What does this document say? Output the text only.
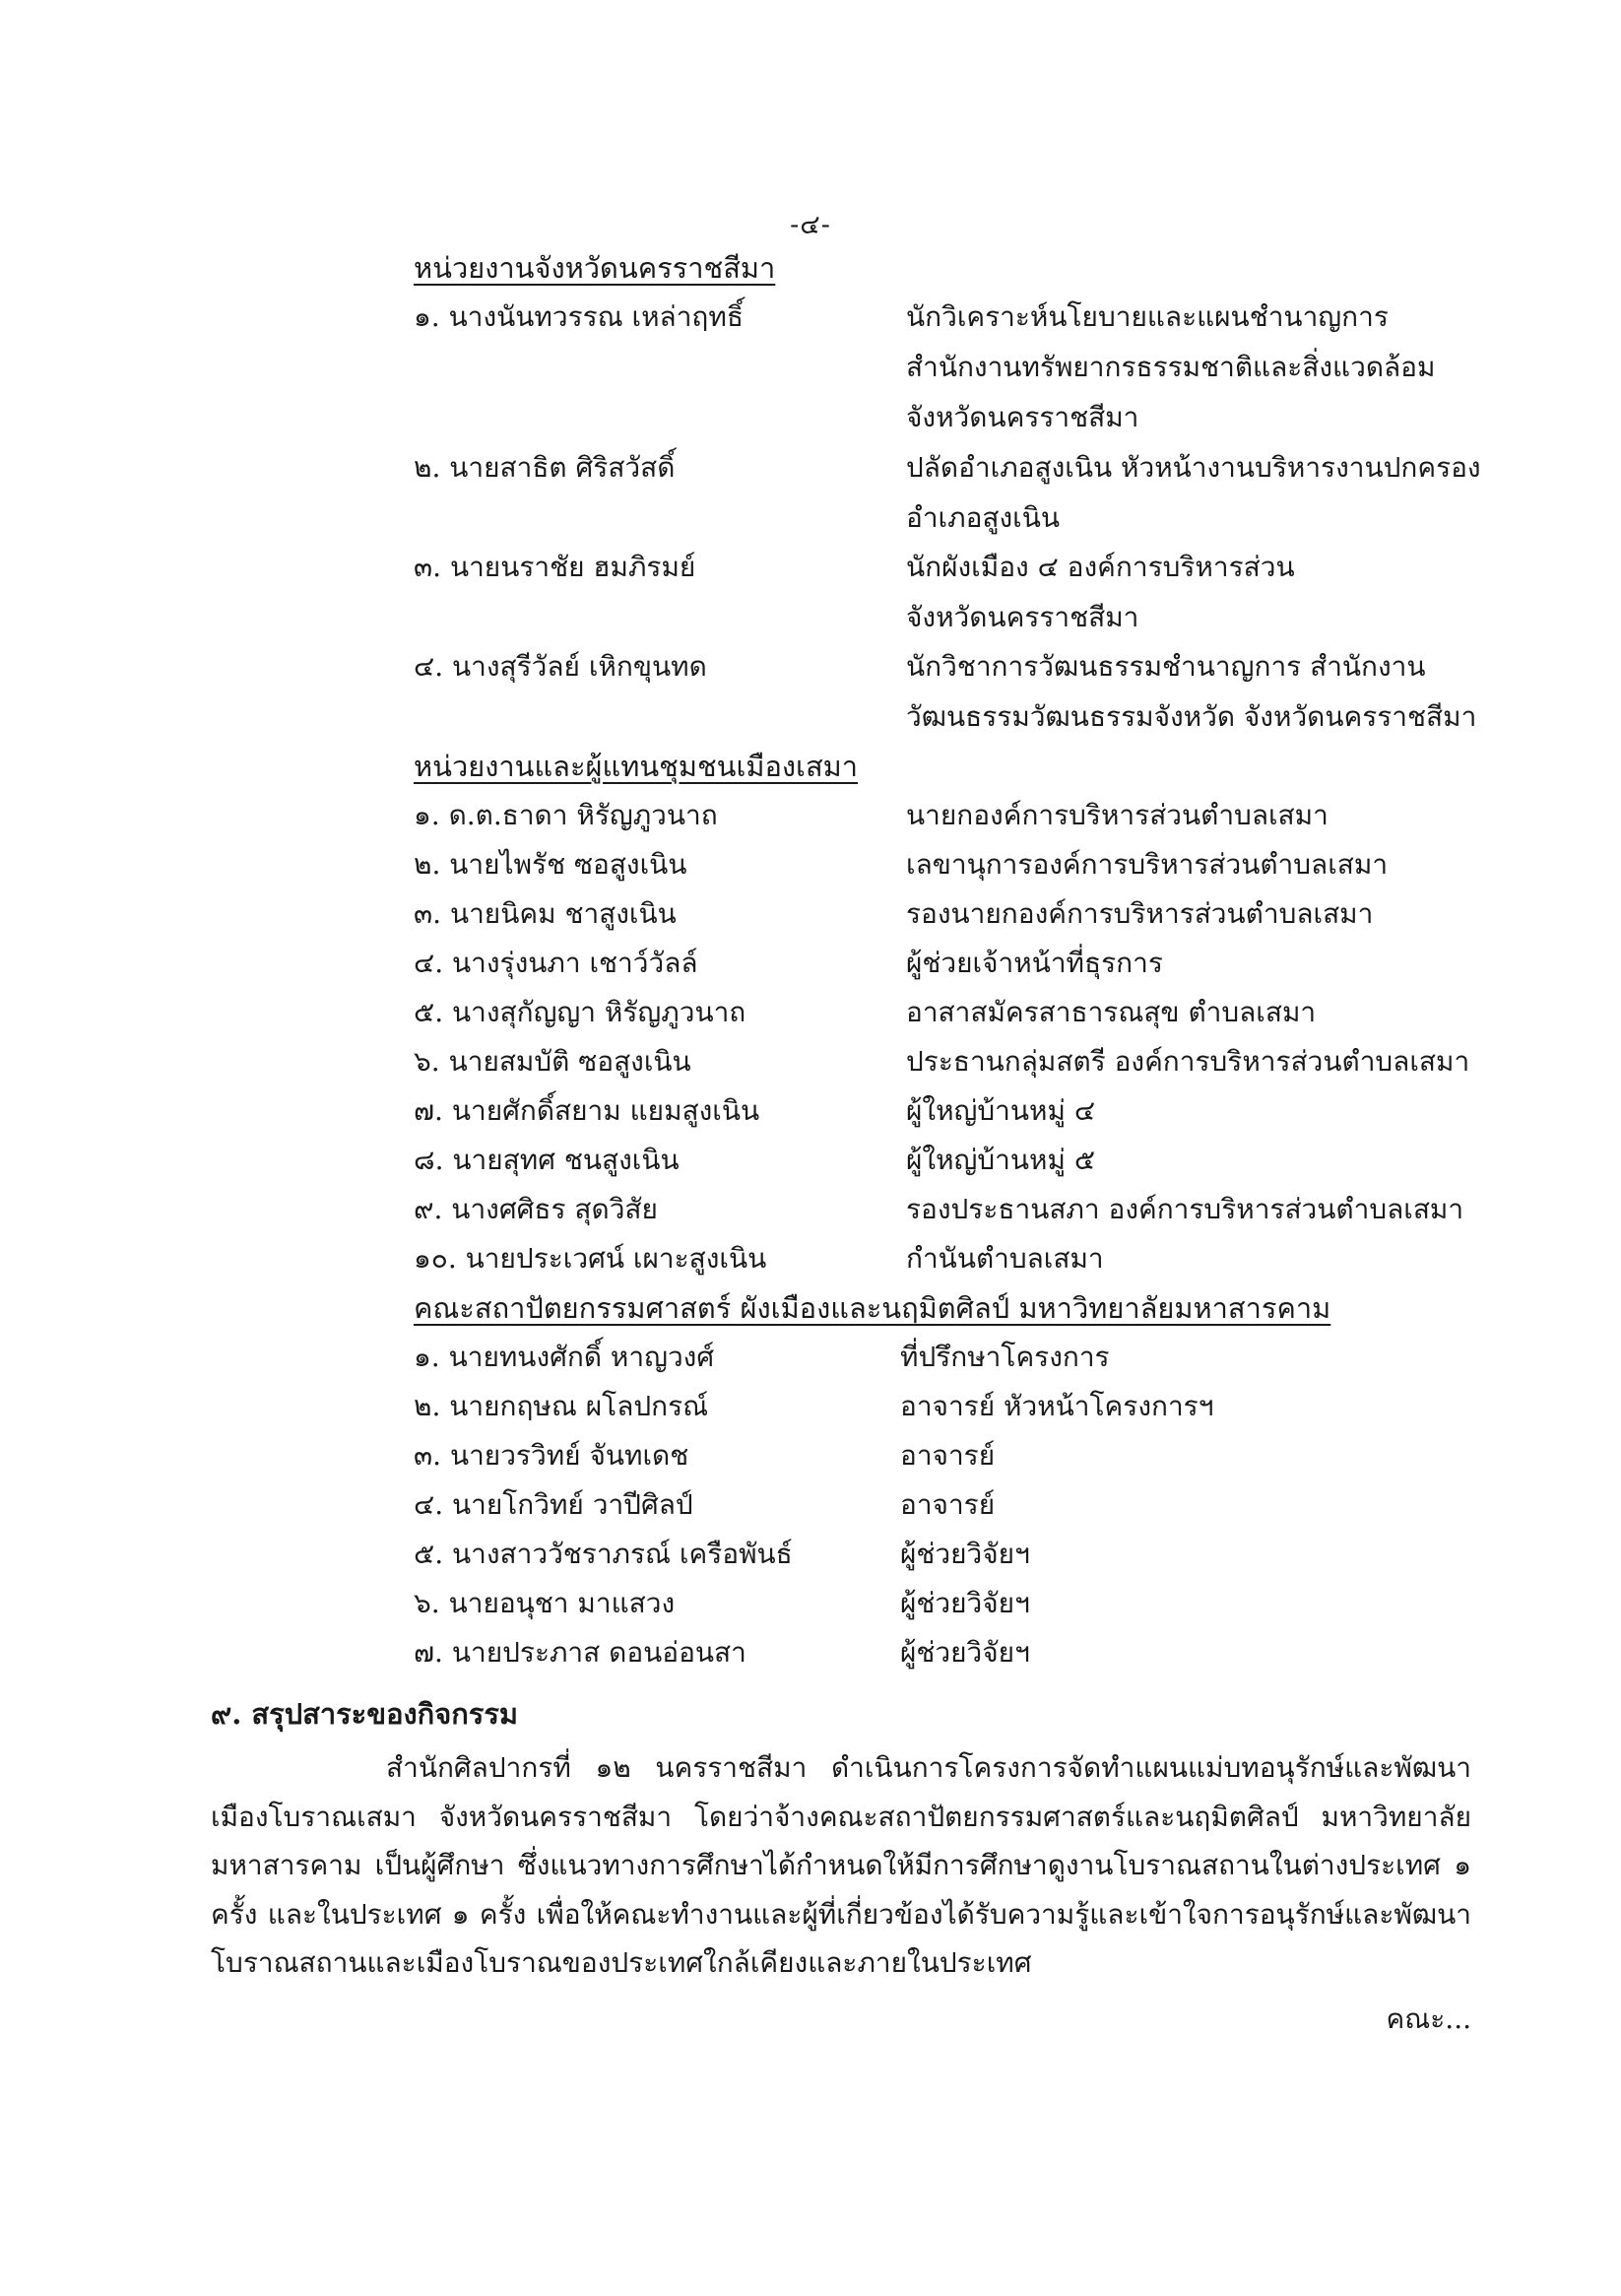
-๔-
หน่วยงานจังหวัดนครราชสีมา
๑. นางนันทวรรณ เหล่าฤทธิ์	นักวิเคราะห์นโยบายและแผนชำนาญการ
สำนักงานทรัพยากรธรรมชาติและสิ่งแวดล้อม
จังหวัดนครราชสีมา
๒. นายสาธิต ศิริสวัสดิ์	ปลัดอำเภอสูงเนิน หัวหน้างานบริหารงานปกครอง
อำเภอสูงเนิน
๓. นายนราชัย ฮมภิรมย์	นักผังเมือง ๔ องค์การบริหารส่วน
จังหวัดนครราชสีมา
๔. นางสุรีวัลย์ เหิกขุนทด	นักวิชาการวัฒนธรรมชำนาญการ สำนักงาน
วัฒนธรรมวัฒนธรรมจังหวัด จังหวัดนครราชสีมา
หน่วยงานและผู้แทนชุมชนเมืองเสมา
๑. ด.ต.ธาดา หิรัญภูวนาถ	นายกองค์การบริหารส่วนตำบลเสมา
๒. นายไพรัช ซอสูงเนิน	เลขานุการองค์การบริหารส่วนตำบลเสมา
๓. นายนิคม ชาสูงเนิน	รองนายกองค์การบริหารส่วนตำบลเสมา
๔. นางรุ่งนภา เชาว์วัลล์	ผู้ช่วยเจ้าหน้าที่ธุรการ
๕. นางสุกัญญา หิรัญภูวนาถ	อาสาสมัครสาธารณสุข ตำบลเสมา
๖. นายสมบัติ ซอสูงเนิน	ประธานกลุ่มสตรี องค์การบริหารส่วนตำบลเสมา
๗. นายศักดิ์สยาม แยมสูงเนิน	ผู้ใหญ่บ้านหมู่ ๔
๘. นายสุทศ ชนสูงเนิน	ผู้ใหญ่บ้านหมู่ ๕
๙. นางศศิธร สุดวิสัย	รองประธานสภา องค์การบริหารส่วนตำบลเสมา
๑๐. นายประเวศน์ เผาะสูงเนิน	กำนันตำบลเสมา
คณะสถาปัตยกรรมศาสตร์ ผังเมืองและนฤมิตศิลป์ มหาวิทยาลัยมหาสารคาม
๑. นายทนงศักดิ์ หาญวงศ์	ที่ปรึกษาโครงการ
๒. นายกฤษณ ผโลปกรณ์	อาจารย์ หัวหน้าโครงการฯ
๓. นายวรวิทย์ จันทเดช	อาจารย์
๔. นายโกวิทย์ วาปีศิลป์	อาจารย์
๕. นางสาววัชราภรณ์ เครือพันธ์	ผู้ช่วยวิจัยฯ
๖. นายอนุชา มาแสวง	ผู้ช่วยวิจัยฯ
๗. นายประภาส ดอนอ่อนสา	ผู้ช่วยวิจัยฯ
๙. สรุปสาระของกิจกรรม
สำนักศิลปากรที่ ๑๒ นครราชสีมา ดำเนินการโครงการจัดทำแผนแม่บทอนุรักษ์และพัฒนาเมืองโบราณเสมา จังหวัดนครราชสีมา โดยว่าจ้างคณะสถาปัตยกรรมศาสตร์และนฤมิตศิลป์ มหาวิทยาลัยมหาสารคาม เป็นผู้ศึกษา ซึ่งแนวทางการศึกษาได้กำหนดให้มีการศึกษาดูงานโบราณสถานในต่างประเทศ ๑ ครั้ง และในประเทศ ๑ ครั้ง เพื่อให้คณะทำงานและผู้ที่เกี่ยวข้องได้รับความรู้และเข้าใจการอนุรักษ์และพัฒนาโบราณสถานและเมืองโบราณของประเทศใกล้เคียงและภายในประเทศ
คณะ...
